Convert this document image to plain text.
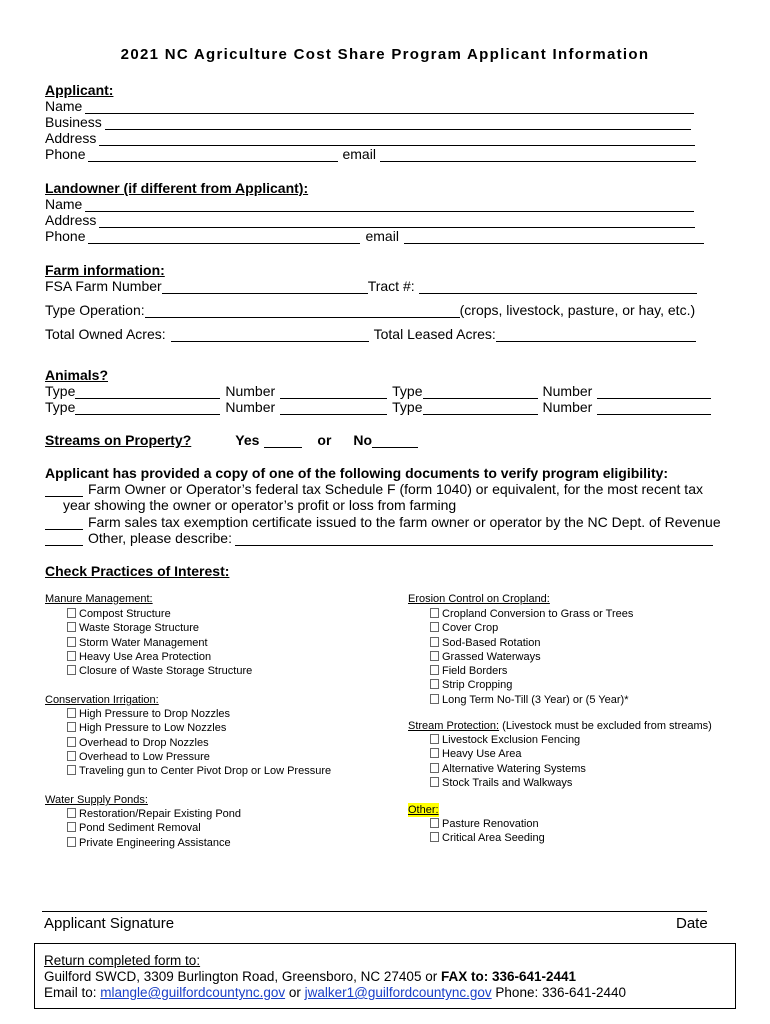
2021 NC Agriculture Cost Share Program Applicant Information
Applicant:
Name
Business
Address
Phone	email
Landowner (if different from Applicant):
Name
Address
Phone	email
Farm information:
FSA Farm Number	Tract #:
Type Operation:	(crops, livestock, pasture, or hay, etc.)
Total Owned Acres:	Total Leased Acres:
Animals?
Type	Number	Type	Number
Type	Number	Type	Number
Streams on Property?	Yes	or No
Applicant has provided a copy of one of the following documents to verify program eligibility:
Farm Owner or Operator’s federal tax Schedule F (form 1040) or equivalent, for the most recent tax
year showing the owner or operator’s profit or loss from farming
Farm sales tax exemption certificate issued to the farm owner or operator by the NC Dept. of Revenue
Other, please describe:
Check Practices of Interest:
Manure Management:
Compost Structure
Waste Storage Structure
Storm Water Management
Heavy Use Area Protection
Closure of Waste Storage Structure
Conservation Irrigation:
High Pressure to Drop Nozzles
High Pressure to Low Nozzles
Overhead to Drop Nozzles
Overhead to Low Pressure
Traveling gun to Center Pivot Drop or Low Pressure
Water Supply Ponds:
Restoration/Repair Existing Pond
Pond Sediment Removal
Private Engineering Assistance
Erosion Control on Cropland:
Cropland Conversion to Grass or Trees
Cover Crop
Sod-Based Rotation
Grassed Waterways
Field Borders
Strip Cropping
Long Term No-Till (3 Year) or (5 Year)*
Stream Protection: (Livestock must be excluded from streams)
Livestock Exclusion Fencing
Heavy Use Area
Alternative Watering Systems
Stock Trails and Walkways
Other:
Pasture Renovation
Critical Area Seeding
Applicant Signature	Date
Return completed form to:
Guilford SWCD, 3309 Burlington Road, Greensboro, NC 27405 or FAX to: 336-641-2441
Email to: mlangle@guilfordcountync.gov or jwalker1@guilfordcountync.gov Phone: 336-641-2440
